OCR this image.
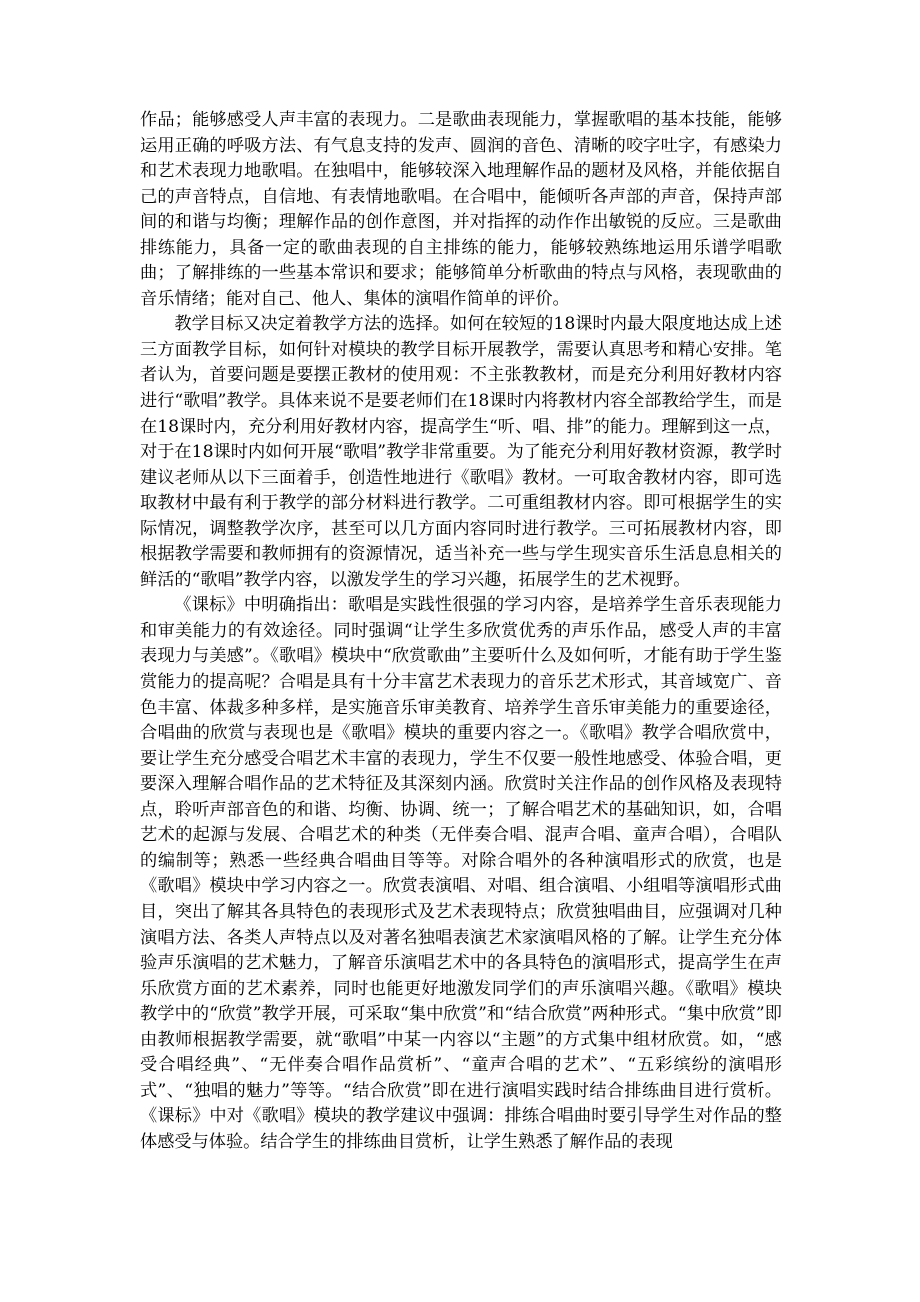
作品；能够感受人声丰富的表现力。二是歌曲表现能力，掌握歌唱的基本技能，能够运用正确的呼吸方法、有气息支持的发声、圆润的音色、清晰的咬字吐字，有感染力和艺术表现力地歌唱。在独唱中，能够较深入地理解作品的题材及风格，并能依据自己的声音特点，自信地、有表情地歌唱。在合唱中，能倾听各声部的声音，保持声部间的和谐与均衡；理解作品的创作意图，并对指挥的动作作出敏锐的反应。三是歌曲排练能力，具备一定的歌曲表现的自主排练的能力，能够较熟练地运用乐谱学唱歌曲；了解排练的一些基本常识和要求；能够简单分析歌曲的特点与风格，表现歌曲的音乐情绪；能对自己、他人、集体的演唱作简单的评价。

教学目标又决定着教学方法的选择。如何在较短的18课时内最大限度地达成上述三方面教学目标，如何针对模块的教学目标开展教学，需要认真思考和精心安排。笔者认为，首要问题是要摆正教材的使用观：不主张教教材，而是充分利用好教材内容进行“歌唱”教学。具体来说不是要老师们在18课时内将教材内容全部教给学生，而是在18课时内，充分利用好教材内容，提高学生“听、唱、排”的能力。理解到这一点，对于在18课时内如何开展“歌唱”教学非常重要。为了能充分利用好教材资源，教学时建议老师从以下三面着手，创造性地进行《歌唱》教材。一可取舍教材内容，即可选取教材中最有利于教学的部分材料进行教学。二可重组教材内容。即可根据学生的实际情况，调整教学次序，甚至可以几方面内容同时进行教学。三可拓展教材内容，即根据教学需要和教师拥有的资源情况，适当补充一些与学生现实音乐生活息息相关的鲜活的“歌唱”教学内容，以激发学生的学习兴趣，拓展学生的艺术视野。

《课标》中明确指出：歌唱是实践性很强的学习内容，是培养学生音乐表现能力和审美能力的有效途径。同时强调“让学生多欣赏优秀的声乐作品，感受人声的丰富表现力与美感”。《歌唱》模块中“欣赏歌曲”主要听什么及如何听，才能有助于学生鉴赏能力的提高呢？合唱是具有十分丰富艺术表现力的音乐艺术形式，其音域宽广、音色丰富、体裁多种多样，是实施音乐审美教育、培养学生音乐审美能力的重要途径，合唱曲的欣赏与表现也是《歌唱》模块的重要内容之一。《歌唱》教学合唱欣赏中，要让学生充分感受合唱艺术丰富的表现力，学生不仅要一般性地感受、体验合唱，更要深入理解合唱作品的艺术特征及其深刻内涵。欣赏时关注作品的创作风格及表现特点，聆听声部音色的和谐、均衡、协调、统一；了解合唱艺术的基础知识，如，合唱艺术的起源与发展、合唱艺术的种类（无伴奏合唱、混声合唱、童声合唱），合唱队的编制等；熟悉一些经典合唱曲目等等。对除合唱外的各种演唱形式的欣赏，也是《歌唱》模块中学习内容之一。欣赏表演唱、对唱、组合演唱、小组唱等演唱形式曲目，突出了解其各具特色的表现形式及艺术表现特点；欣赏独唱曲目，应强调对几种演唱方法、各类人声特点以及对著名独唱表演艺术家演唱风格的了解。让学生充分体验声乐演唱的艺术魅力，了解音乐演唱艺术中的各具特色的演唱形式，提高学生在声乐欣赏方面的艺术素养，同时也能更好地激发同学们的声乐演唱兴趣。《歌唱》模块教学中的“欣赏”教学开展，可采取“集中欣赏”和“结合欣赏”两种形式。“集中欣赏”即由教师根据教学需要，就“歌唱”中某一内容以“主题”的方式集中组材欣赏。如，“感受合唱经典”、“无伴奏合唱作品赏析”、“童声合唱的艺术”、“五彩缤纷的演唱形式”、“独唱的魅力”等等。“结合欣赏”即在进行演唱实践时结合排练曲目进行赏析。《课标》中对《歌唱》模块的教学建议中强调：排练合唱曲时要引导学生对作品的整体感受与体验。结合学生的排练曲目赏析，让学生熟悉了解作品的表现
